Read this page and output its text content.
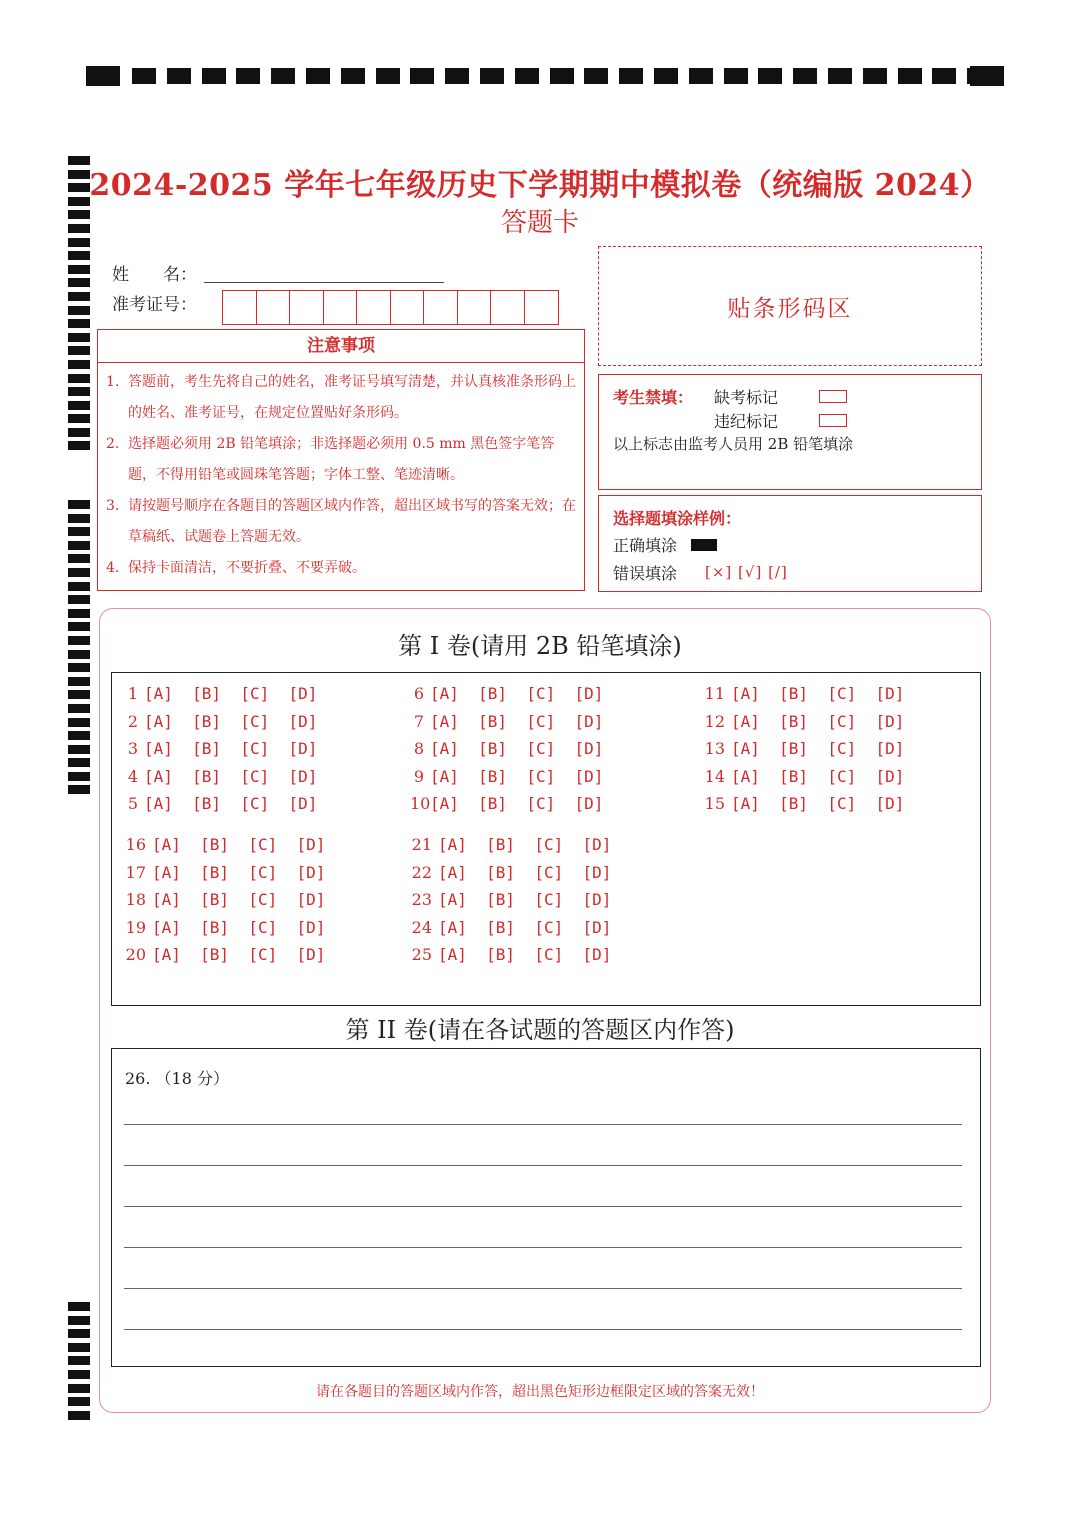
2024-2025 学年七年级历史下学期期中模拟卷（统编版 2024）
答题卡
姓　　名：
准考证号：	贴条形码区
注意事项
1. 答题前，考生先将自己的姓名，准考证号填写清楚，并认真核准条形码上的姓名、准考证号，在规定位置贴好条形码。
2. 选择题必须用 2B 铅笔填涂；非选择题必须用 0.5 mm 黑色签字笔答题，不得用铅笔或圆珠笔答题；字体工整、笔迹清晰。
3. 请按题号顺序在各题目的答题区域内作答，超出区域书写的答案无效；在草稿纸、试题卷上答题无效。
4. 保持卡面清洁，不要折叠、不要弄破。
考生禁填： 缺考标记
违纪标记
以上标志由监考人员用 2B 铅笔填涂
选择题填涂样例：
正确填涂
错误填涂 [×] [√] [/]
第 I 卷(请用 2B 铅笔填涂)
1 [A]  [B]  [C]  [D]
2 [A]  [B]  [C]  [D]
3 [A]  [B]  [C]  [D]
4 [A]  [B]  [C]  [D]
5 [A]  [B]  [C]  [D]
6 [A]  [B]  [C]  [D]
7 [A]  [B]  [C]  [D]
8 [A]  [B]  [C]  [D]
9 [A]  [B]  [C]  [D]
10[A]  [B]  [C]  [D]
11 [A]  [B]  [C]  [D]
12 [A]  [B]  [C]  [D]
13 [A]  [B]  [C]  [D]
14 [A]  [B]  [C]  [D]
15 [A]  [B]  [C]  [D]
16 [A]  [B]  [C]  [D]
17 [A]  [B]  [C]  [D]
18 [A]  [B]  [C]  [D]
19 [A]  [B]  [C]  [D]
20 [A]  [B]  [C]  [D]
21 [A]  [B]  [C]  [D]
22 [A]  [B]  [C]  [D]
23 [A]  [B]  [C]  [D]
24 [A]  [B]  [C]  [D]
25 [A]  [B]  [C]  [D]
第 II 卷(请在各试题的答题区内作答)
26. （18 分）
请在各题目的答题区域内作答，超出黑色矩形边框限定区域的答案无效！
